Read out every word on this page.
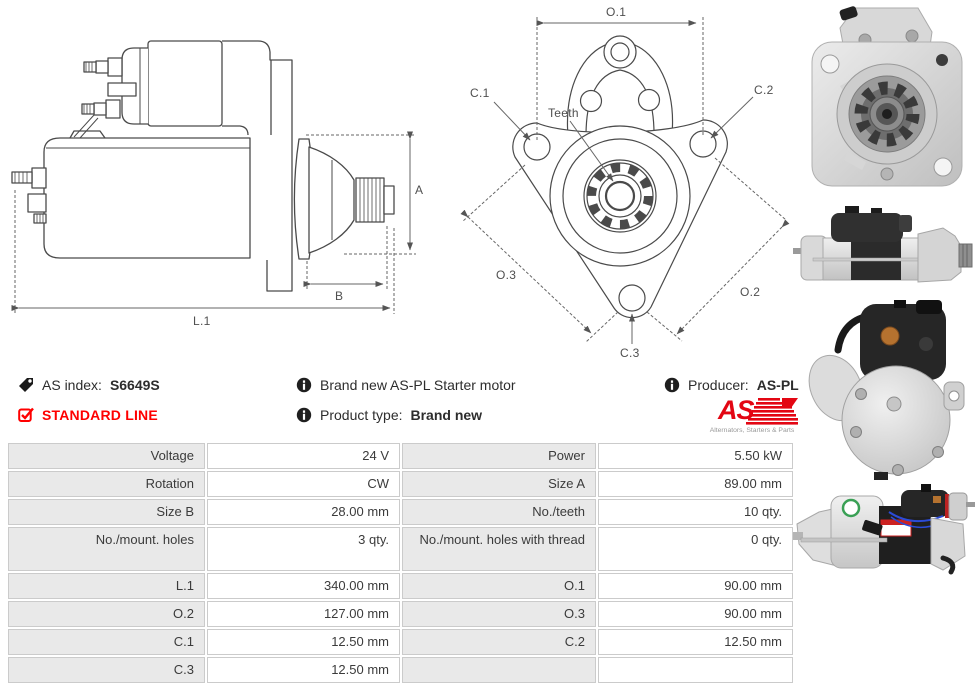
A
B
L.1
O.1
C.1	C.2
Teeth
O.3
O.2
C.3
AS index: S6649S
STANDARD LINE
Brand new AS-PL Starter motor
Product type: Brand new
Producer: AS-PL
AS
Alternators, Starters & Parts
Voltage	24 V	Power	5.50 kW
Rotation	CW	Size A	89.00 mm
Size B	28.00 mm	No./teeth	10 qty.
No./mount. holes	3 qty.	No./mount. holes with thread	0 qty.
L.1	340.00 mm	O.1	90.00 mm
O.2	127.00 mm	O.3	90.00 mm
C.1	12.50 mm	C.2	12.50 mm
C.3	12.50 mm
